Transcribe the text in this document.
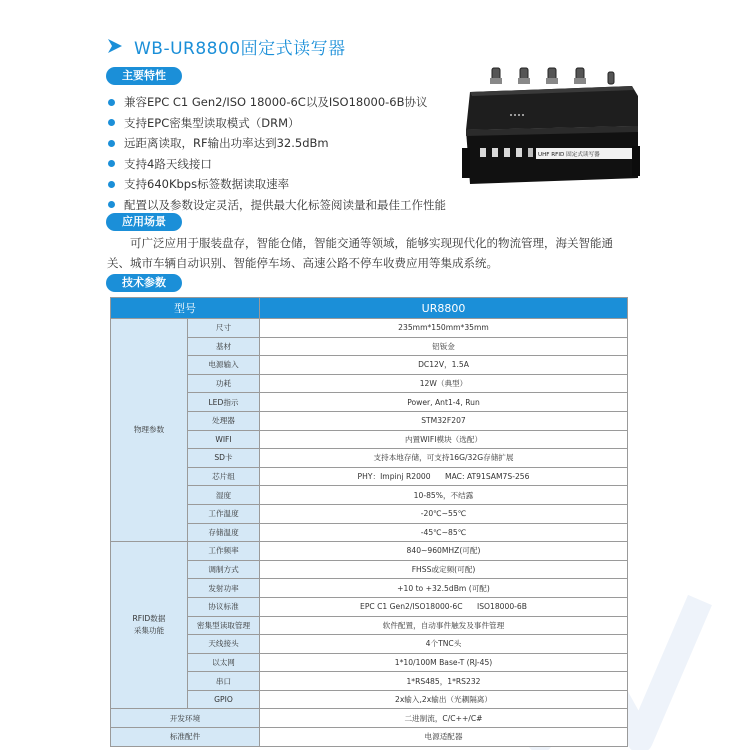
WB-UR8800固定式读写器
主要特性
兼容EPC C1 Gen2/ISO 18000-6C以及ISO18000-6B协议
支持EPC密集型读取模式（DRM）
远距离读取，RF输出功率达到32.5dBm
支持4路天线接口
支持640Kbps标签数据读取速率
配置以及参数设定灵活，提供最大化标签阅读量和最佳工作性能
UHF RFID 固定式读写器
应用场景
可广泛应用于服装盘存，智能仓储，智能交通等领域，能够实现现代化的物流管理，海关智能通关、城市车辆自动识别、智能停车场、高速公路不停车收费应用等集成系统。
技术参数
型号		UR8800
物理参数	尺寸	235mm*150mm*35mm
	基材	铝钣金
	电源输入	DC12V，1.5A
	功耗	12W（典型）
	LED指示	Power, Ant1-4, Run
	处理器	STM32F207
	WIFI	内置WIFI模块（选配）
	SD卡	支持本地存储，可支持16G/32G存储扩展
	芯片组	PHY：Impinj R2000      MAC: AT91SAM7S-256
	湿度	10-85%，不结露
	工作温度	-20℃~55℃
	存储温度	-45℃~85℃
RFID数据
采集功能	工作频率	840~960MHZ(可配)
	调制方式	FHSS或定频(可配)
	发射功率	+10 to +32.5dBm (可配)
	协议标准	EPC C1 Gen2/ISO18000-6C      ISO18000-6B
	密集型读取管理	软件配置，自动事件触发及事件管理
	天线接头	4个TNC头
	以太网	1*10/100M Base-T (RJ-45)
	串口	1*RS485，1*RS232
	GPIO	2x输入,2x输出（光耦隔离）
开发环境		二进制流，C/C++/C#
标准配件		电源适配器
